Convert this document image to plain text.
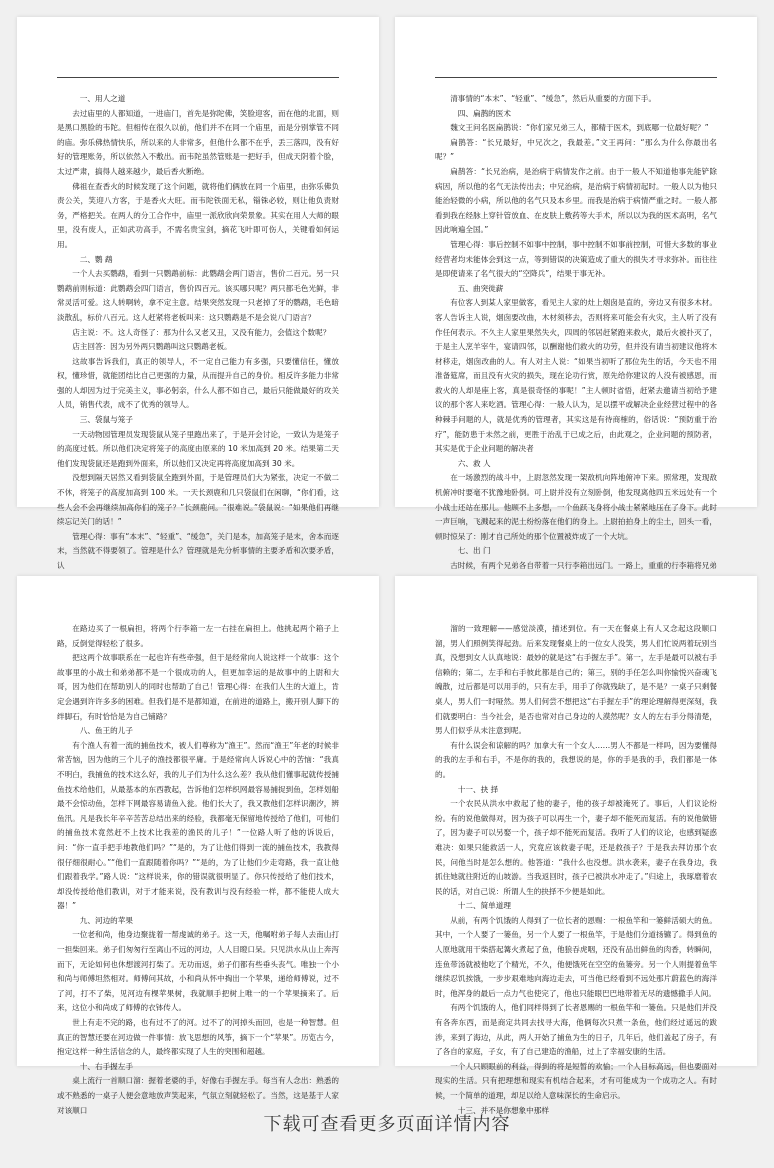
一、用人之道

去过庙里的人都知道，一进庙门，首先是弥陀佛，笑脸迎客，而在他的北面，则是黑口黑脸的韦陀。但相传在很久以前，他们并不在同一个庙里，而是分别掌管不同的庙。弥乐佛热情快乐，所以来的人非常多，但他什么都不在乎，丢三落四，没有好好的管理账务，所以依然入不敷出。而韦陀虽然管账是一把好手，但成天阴着个脸，太过严肃，搞得人越来越少，最后香火断绝。

佛祖在查香火的时候发现了这个问题，就将他们俩放在同一个庙里，由弥乐佛负责公关，笑迎八方客，于是香火大旺。而韦陀铁面无私，锱铢必较，则让他负责财务，严格把关。在两人的分工合作中，庙里一派欣欣向荣景象。其实在用人大师的眼里，没有废人，正如武功高手，不需名贵宝剑，摘花飞叶即可伤人，关键看如何运用。

二、鹦 鹉

一个人去买鹦鹉，看到一只鹦鹉前标：此鹦鹉会两门语言，售价二百元。另一只鹦鹉前则标道：此鹦鹉会四门语言，售价四百元。该买哪只呢？两只都毛色光鲜，非常灵活可爱。这人转啊转，拿不定主意。结果突然发现一只老掉了牙的鹦鹉，毛色暗淡散乱，标价八百元。这人赶紧将老板叫来：这只鹦鹉是不是会说八门语言？

店主说：不。这人奇怪了：那为什么又老又丑，又没有能力，会值这个数呢？

店主回答：因为另外两只鹦鹉叫这只鹦鹉老板。

这故事告诉我们，真正的领导人，不一定自己能力有多强，只要懂信任，懂放权，懂珍惜，就能团结比自己更强的力量，从而提升自己的身价。相反许多能力非常强的人却因为过于完美主义，事必躬亲，什么人都不如自己，最后只能做最好的攻关人员，销售代表，成不了优秀的领导人。

三、袋鼠与笼子

一天动物园管理员发现袋鼠从笼子里跑出来了，于是开会讨论，一致认为是笼子的高度过低。所以他们决定将笼子的高度由原来的 10 米加高到 20 米。结果第二天他们发现袋鼠还是跑到外面来，所以他们又决定再将高度加高到 30 米。

没想到隔天居然又看到袋鼠全跑到外面，于是管理员们大为紧张，决定一不做二不休，将笼子的高度加高到 100 米。一天长颈鹿和几只袋鼠们在闲聊，“你们看，这些人会不会再继续加高你们的笼子？”长颈鹿问。“很难说。”袋鼠说：“如果他们再继续忘记关门的话！”

管理心得：事有“本末”、“轻重”、“缓急”，关门是本，加高笼子是末，舍本而逐末，当然就不得要领了。管理是什么？管理就是先分析事情的主要矛盾和次要矛盾，认

清事情的“本末”、“轻重”、“缓急”，然后从重要的方面下手。

四、扁鹊的医术

魏文王问名医扁鹊说：“你们家兄弟三人，都精于医术，到底哪一位最好呢？”

扁鹊答：“长兄最好，中兄次之，我最差。”文王再问：“那么为什么你最出名呢？”

扁鹊答：“长兄治病，是治病于病情发作之前。由于一般人不知道他事先能铲除病因，所以他的名气无法传出去；中兄治病，是治病于病情初起时。一般人以为他只能治轻微的小病，所以他的名气只及本乡里。而我是治病于病情严重之时。一般人都看到我在经脉上穿针管放血、在皮肤上敷药等大手术，所以以为我的医术高明，名气因此响遍全国。”

管理心得：事后控制不如事中控制，事中控制不如事前控制，可惜大多数的事业经营者均未能体会到这一点，等到错误的决策造成了重大的损失才寻求弥补。而往往是即使请来了名气很大的“空降兵”，结果于事无补。

五、曲突徙薪

有位客人到某人家里做客，看见主人家的灶上烟囱是直的，旁边又有很多木材。客人告诉主人说，烟囱要改曲，木材须移去，否则将来可能会有火灾，主人听了没有作任何表示。不久主人家里果然失火，四周的邻居赶紧跑来救火，最后火被扑灭了，于是主人烹羊宰牛，宴请四邻，以酬谢他们救火的功劳，但并没有请当初建议他将木材移走，烟囱改曲的人。有人对主人说：“如果当初听了那位先生的话，今天也不用准备筵席，而且没有火灾的损失，现在论功行赏，原先给你建议的人没有被感恩，而救火的人却是座上客，真是很奇怪的事呢！”主人顿时省悟，赶紧去邀请当初给予建议的那个客人来吃酒。管理心得：一般人认为，足以摆平或解决企业经营过程中的各种棘手问题的人，就是优秀的管理者，其实这是有待商榷的，俗话说：“预防重于治疗”，能防患于未然之前，更胜于治乱于已成之后，由此观之，企业问题的预防者，其实是优于企业问题的解决者

六、救 人

在一场激烈的战斗中，上尉忽然发现一架敌机向阵地俯冲下来。照常理，发现敌机俯冲时要毫不犹豫地卧倒。可上尉并没有立刻卧倒，他发现离他四五米远处有一个小战士还站在那儿。他顾不上多想，一个鱼跃飞身将小战士紧紧地压在了身下。此时一声巨响，飞溅起来的泥土纷纷落在他们的身上。上尉拍拍身上的尘土，回头一看，顿时惊呆了：刚才自己所处的那个位置被炸成了一个大坑。

七、出 门

古时候，有两个兄弟各自带着一只行李箱出远门。一路上，重重的行李箱将兄弟

在路边买了一根扁担，将两个行李箱一左一右挂在扁担上。他挑起两个箱子上路，反倒觉得轻松了很多。

把这两个故事联系在一起也许有些牵强，但于是经常向人说这样一个故事：这个故事里的小战士和弟弟都不是一个很成功的人，但更加幸运的是故事中的上尉和大哥，因为他们在帮助别人的同时也帮助了自己！管理心得：在我们人生的大道上，肯定会遇到许许多多的困难。但我们是不是都知道，在前进的道路上，搬开别人脚下的绊脚石，有时恰恰是为自己铺路？

八、鱼王的儿子

有个渔人有着一流的捕鱼技术，被人们尊称为“渔王”。然而“渔王”年老的时候非常苦恼，因为他的三个儿子的渔技都很平庸。于是经常向人诉说心中的苦恼：“我真不明白，我捕鱼的技术这么好，我的儿子们为什么这么差？我从他们懂事起就传授捕鱼技术给他们，从最基本的东西教起，告诉他们怎样织网最容易捕捉到鱼，怎样划船最不会惊动鱼，怎样下网最容易请鱼入瓮。他们长大了，我又教他们怎样识潮汐，辨鱼汛。凡是我长年辛辛苦苦总结出来的经验，我都毫无保留地传授给了他们，可他们的捕鱼技术竟然赶不上技术比我差的渔民的儿子！”一位路人听了他的诉说后，问：“你一直手把手地教他们吗？”“是的，为了让他们得到一流的捕鱼技术，我教得很仔细很耐心。”“他们一直跟随着你吗？”“是的，为了让他们少走弯路，我一直让他们跟着我学。”路人说：“这样说来，你的错误就很明显了。你只传授给了他们技术，却没传授给他们教训，对于才能来说，没有教训与没有经验一样，都不能使人成大器！”

九、河边的苹果

一位老和尚，他身边聚拢着一帮虔诚的弟子。这一天，他嘱咐弟子每人去南山打一担柴回来。弟子们匆匆行至离山不远的河边，人人目瞪口呆。只见洪水从山上奔泻而下，无论如何也休想渡河打柴了。无功而返，弟子们都有些垂头丧气。唯独一个小和尚与师傅坦然相对。师傅问其故，小和尚从怀中掏出一个苹果，递给师傅说，过不了河，打不了柴，见河边有棵苹果树，我就顺手把树上唯一的一个苹果摘来了。后来，这位小和尚成了师傅的衣钵传人。

世上有走不完的路，也有过不了的河。过不了的河掉头而回，也是一种智慧。但真正的智慧还要在河边做一件事情：放飞思想的风筝，摘下一个“苹果”。历览古今，抱定这样一种生活信念的人，最终都实现了人生的突围和超越。

十、右手握左手

桌上流行一首顺口溜：握着老婆的手，好像右手握左手。每当有人念出：熟悉的或不熟悉的一桌子人便会意地放声笑起来，气氛立刻就轻松了。当然，这是基于人家对该顺口

溜的一致理解——感觉淡漠，描述到位。有一天在餐桌上有人又念起这段顺口溜，男人们照例笑得起劲。后来发现餐桌上的一位女人没笑，男人们忙说两着玩别当真，没想到女人认真地说：最妙的就是这“右手握左手”。第一，左手是最可以被右手信赖的；第二，左手和右手彼此都是自己的；第三，别的手任怎么叫你愉悦兴奋魂飞魄散，过后都是可以用手的，只有左手，用手了你就残缺了，是不是？一桌子只剩餐桌人，男人们一时哑然。男人们何尝不想把这“右手握左手”的理论理解得更深刻，我们就要明白：当今社会，是否也常对自己身边的人漠然呢？女人的左右手分得清楚，男人们似乎从未注意到呢。

有什么误会和谅解的吗？加拿大有一个女人……男人不都是一样吗，因为要懂得的我的左手和右手，不是你的我的，我想说的是，你的手是我的手，我们都是一体的。

十一、抉 择

一个农民从洪水中救起了他的妻子，他的孩子却被淹死了。事后，人们议论纷纷。有的说他做得对，因为孩子可以再生一个，妻子却不能死而复活。有的说他做错了，因为妻子可以另娶一个，孩子却不能死而复活。我听了人们的议论，也感到疑惑难决：如果只能救活一人，究竟应该救妻子呢，还是救孩子？于是我去拜访那个农民，问他当时是怎么想的。他答道：“我什么也没想。洪水袭来，妻子在我身边，我抓住她就往附近的山坡游。当我返回时，孩子已被洪水冲走了。”归途上，我琢磨着农民的话，对自己说：所谓人生的抉择不少便是如此。

十二、简单道理

从前，有两个饥饿的人得到了一位长者的恩赐：一根鱼竿和一篓鲜活硕大的鱼。其中，一个人要了一篓鱼，另一个人要了一根鱼竿，于是他们分道扬镳了。得到鱼的人原地就用干柴搭起篝火煮起了鱼，他狼吞虎咽，还没有品出鲜鱼的肉香，转瞬间，连鱼带汤就被他吃了个精光，不久，他便饿死在空空的鱼篓旁。另一个人则提着鱼竿继续忍饥挨饿，一步步艰难地向海边走去，可当他已经看到不远处那片蔚蓝色的海洋时，他浑身的最后一点力气也使完了，他也只能眼巴巴地带着无尽的遗憾撒手人间。

有两个饥饿的人，他们同样得到了长者恩赐的一根鱼竿和一篓鱼。只是他们并没有各奔东西，而是商定共同去找寻大海，他俩每次只煮一条鱼，他们经过遥远的跋涉，来到了海边，从此，两人开始了捕鱼为生的日子，几年后，他们盖起了房子，有了各自的家庭，子女，有了自己建造的渔船，过上了幸福安康的生活。

一个人只顾眼前的利益，得到的将是短暂的欢愉；一个人目标高远，但也要面对现实的生活。只有把理想和现实有机结合起来，才有可能成为一个成功之人。有时候，一个简单的道理，却足以给人意味深长的生命启示。

十三、并不是你想象中那样

下载可查看更多页面详情内容
